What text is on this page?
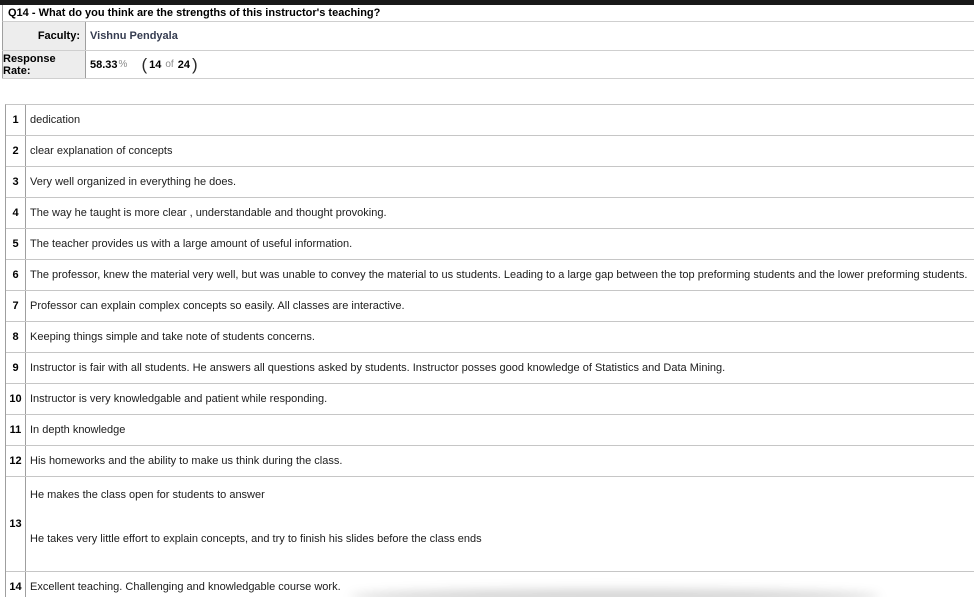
Q14 - What do you think are the strengths of this instructor's teaching?
Faculty: Vishnu Pendyala
Response Rate:	58.33 % ( 14 of 24 )
1	dedication
2	clear explanation of concepts
3	Very well organized in everything he does.
4	The way he taught is more clear , understandable and thought provoking.
5	The teacher provides us with a large amount of useful information.
6	The professor, knew the material very well, but was unable to convey the material to us students. Leading to a large gap between the top preforming students and the lower preforming students.
7	Professor can explain complex concepts so easily. All classes are interactive.
8	Keeping things simple and take note of students concerns.
9	Instructor is fair with all students. He answers all questions asked by students. Instructor posses good knowledge of Statistics and Data Mining.
10 Instructor is very knowledgable and patient while responding.
11 In depth knowledge
12 His homeworks and the ability to make us think during the class.
13

He makes the class open for students to answer

He takes very little effort to explain concepts, and try to finish his slides before the class ends

14 Excellent teaching. Challenging and knowledgable course work.
